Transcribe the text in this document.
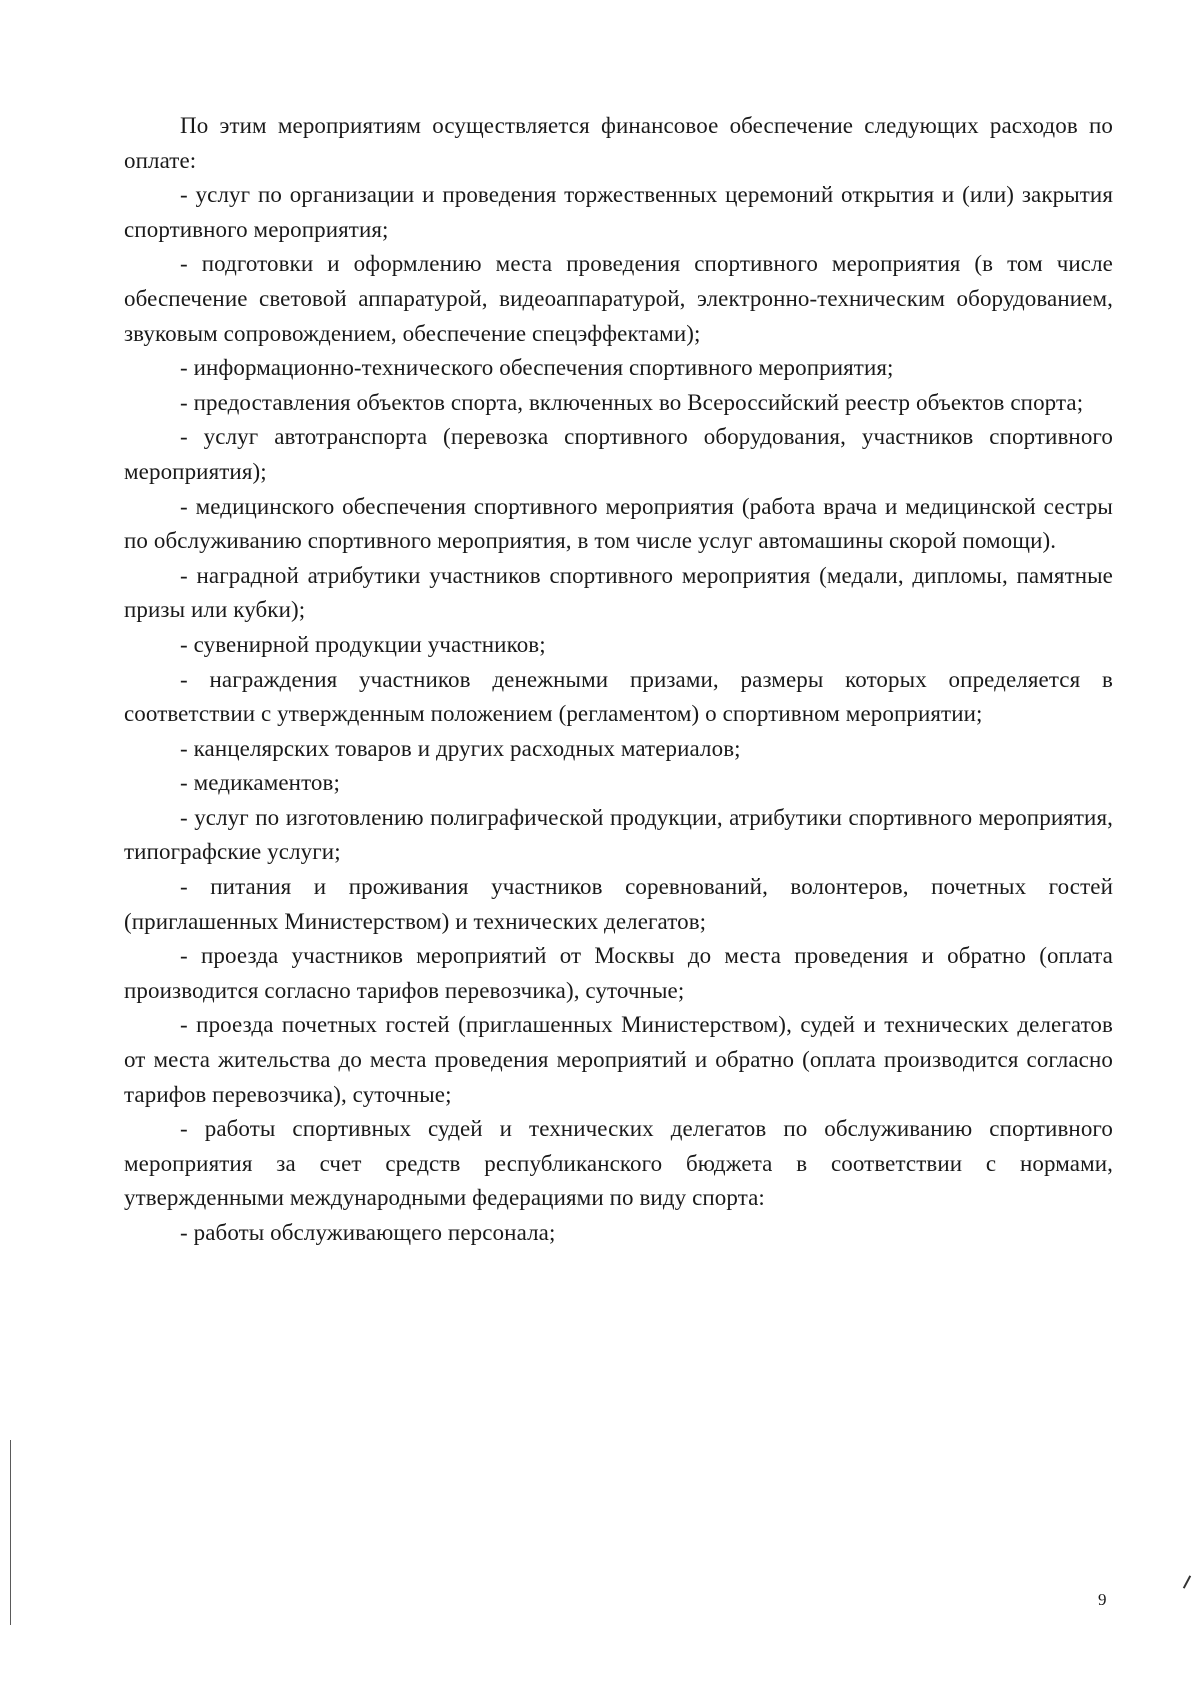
По этим мероприятиям осуществляется финансовое обеспечение следующих расходов по оплате:

- услуг по организации и проведения торжественных церемоний открытия и (или) закрытия спортивного мероприятия;

- подготовки и оформлению места проведения спортивного мероприятия (в том числе обеспечение световой аппаратурой, видеоаппаратурой, электронно-техническим оборудованием, звуковым сопровождением, обеспечение спецэффектами);

- информационно-технического обеспечения спортивного мероприятия;

- предоставления объектов спорта, включенных во Всероссийский реестр объектов спорта;

- услуг автотранспорта (перевозка спортивного оборудования, участников спортивного мероприятия);

- медицинского обеспечения спортивного мероприятия (работа врача и медицинской сестры по обслуживанию спортивного мероприятия, в том числе услуг автомашины скорой помощи).

- наградной атрибутики участников спортивного мероприятия (медали, дипломы, памятные призы или кубки);

- сувенирной продукции участников;

- награждения участников денежными призами, размеры которых определяется в соответствии с утвержденным положением (регламентом) о спортивном мероприятии;

- канцелярских товаров и других расходных материалов;

- медикаментов;

- услуг по изготовлению полиграфической продукции, атрибутики спортивного мероприятия, типографские услуги;

- питания и проживания участников соревнований, волонтеров, почетных гостей (приглашенных Министерством) и технических делегатов;

- проезда участников мероприятий от Москвы до места проведения и обратно (оплата производится согласно тарифов перевозчика), суточные;

- проезда почетных гостей (приглашенных Министерством), судей и технических делегатов от места жительства до места проведения мероприятий и обратно (оплата производится согласно тарифов перевозчика), суточные;

- работы спортивных судей и технических делегатов по обслуживанию спортивного мероприятия за счет средств республиканского бюджета в соответствии с нормами, утвержденными международными федерациями по виду спорта:

- работы обслуживающего персонала;

9
